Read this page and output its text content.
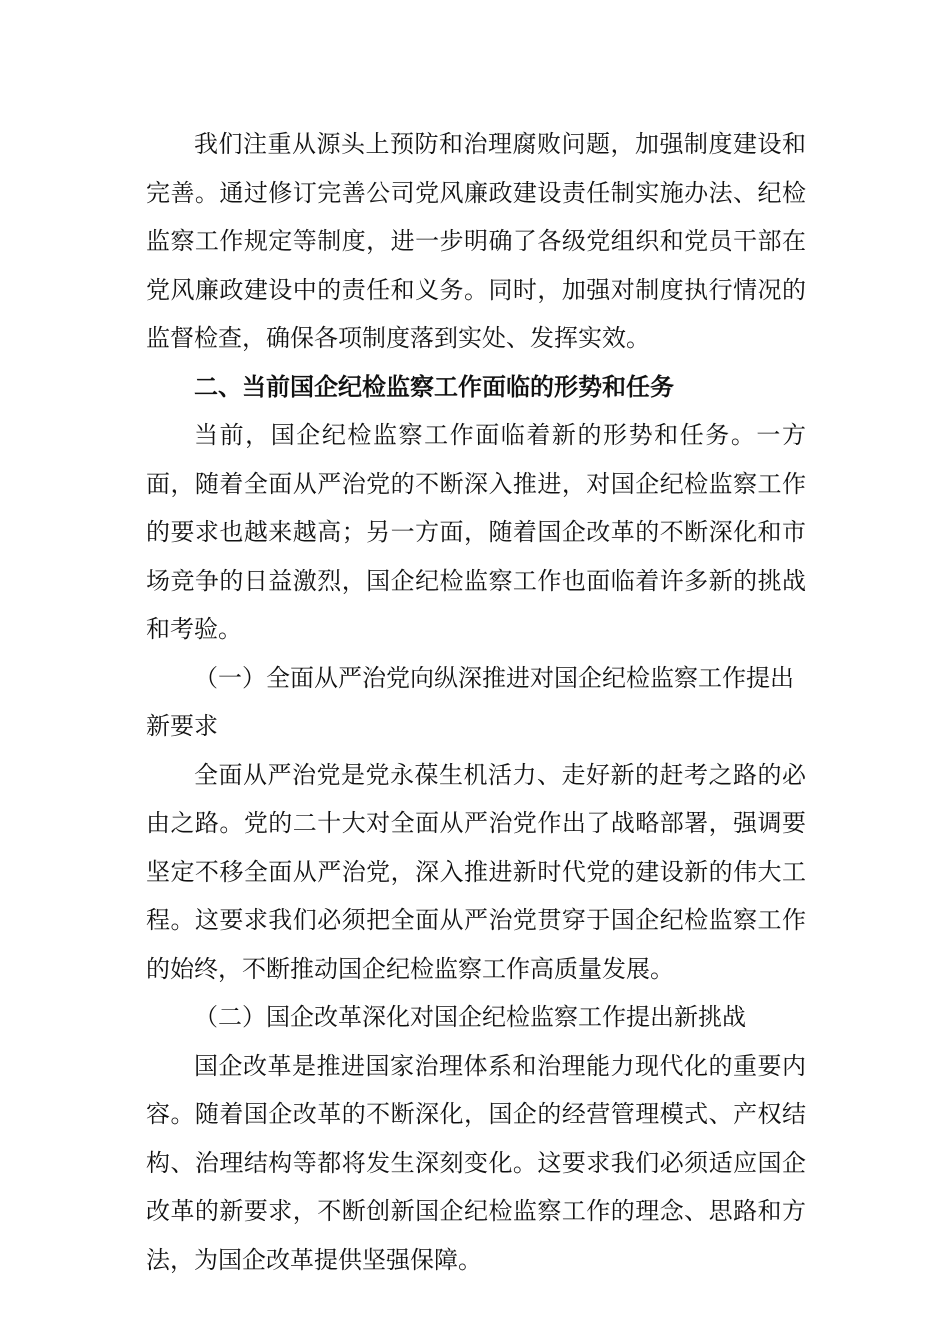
我们注重从源头上预防和治理腐败问题，加强制度建设和完善。通过修订完善公司党风廉政建设责任制实施办法、纪检监察工作规定等制度，进一步明确了各级党组织和党员干部在党风廉政建设中的责任和义务。同时，加强对制度执行情况的监督检查，确保各项制度落到实处、发挥实效。

二、当前国企纪检监察工作面临的形势和任务

当前，国企纪检监察工作面临着新的形势和任务。一方面，随着全面从严治党的不断深入推进，对国企纪检监察工作的要求也越来越高；另一方面，随着国企改革的不断深化和市场竞争的日益激烈，国企纪检监察工作也面临着许多新的挑战和考验。

（一）全面从严治党向纵深推进对国企纪检监察工作提出新要求

全面从严治党是党永葆生机活力、走好新的赶考之路的必由之路。党的二十大对全面从严治党作出了战略部署，强调要坚定不移全面从严治党，深入推进新时代党的建设新的伟大工程。这要求我们必须把全面从严治党贯穿于国企纪检监察工作的始终，不断推动国企纪检监察工作高质量发展。

（二）国企改革深化对国企纪检监察工作提出新挑战

国企改革是推进国家治理体系和治理能力现代化的重要内容。随着国企改革的不断深化，国企的经营管理模式、产权结构、治理结构等都将发生深刻变化。这要求我们必须适应国企改革的新要求，不断创新国企纪检监察工作的理念、思路和方法，为国企改革提供坚强保障。
